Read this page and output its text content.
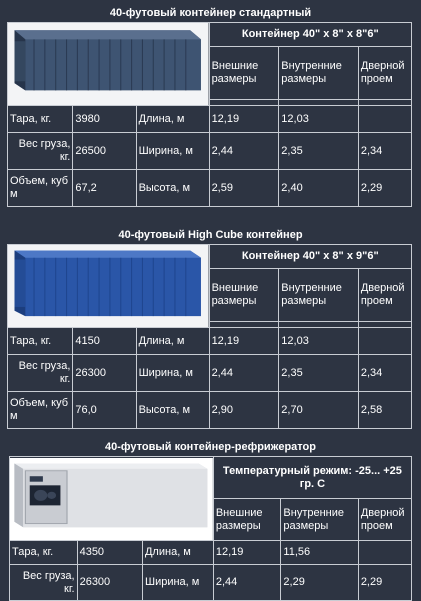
40-футовый контейнер стандартный
	Контейнер 40" x 8" x 8"6"		
			Внешние размеры	Внутренние размеры	Дверной проем

Тара, кг.	3980	Длина, м	12,19	12,03	
Вес груза, кг.	26500	Ширина, м	2,44	2,35	2,34
Объем, куб м	67,2	Высота, м	2,59	2,40	2,29
40-футовый High Cube контейнер
	Контейнер 40" x 8" x 9"6"		
			Внешние размеры	Внутренние размеры	Дверной проем

Тара, кг.	4150	Длина, м	12,19	12,03	
Вес груза, кг.	26300	Ширина, м	2,44	2,35	2,34
Объем, куб м	76,0	Высота, м	2,90	2,70	2,58
40-футовый контейнер-рефрижератор
	Температурный режим: -25... +25 гр. С		
			Внешние размеры	Внутренние размеры	Дверной проем
Тара, кг.	4350	Длина, м	12,19	11,56	
Вес груза, кг.	26300	Ширина, м	2,44	2,29	2,29
